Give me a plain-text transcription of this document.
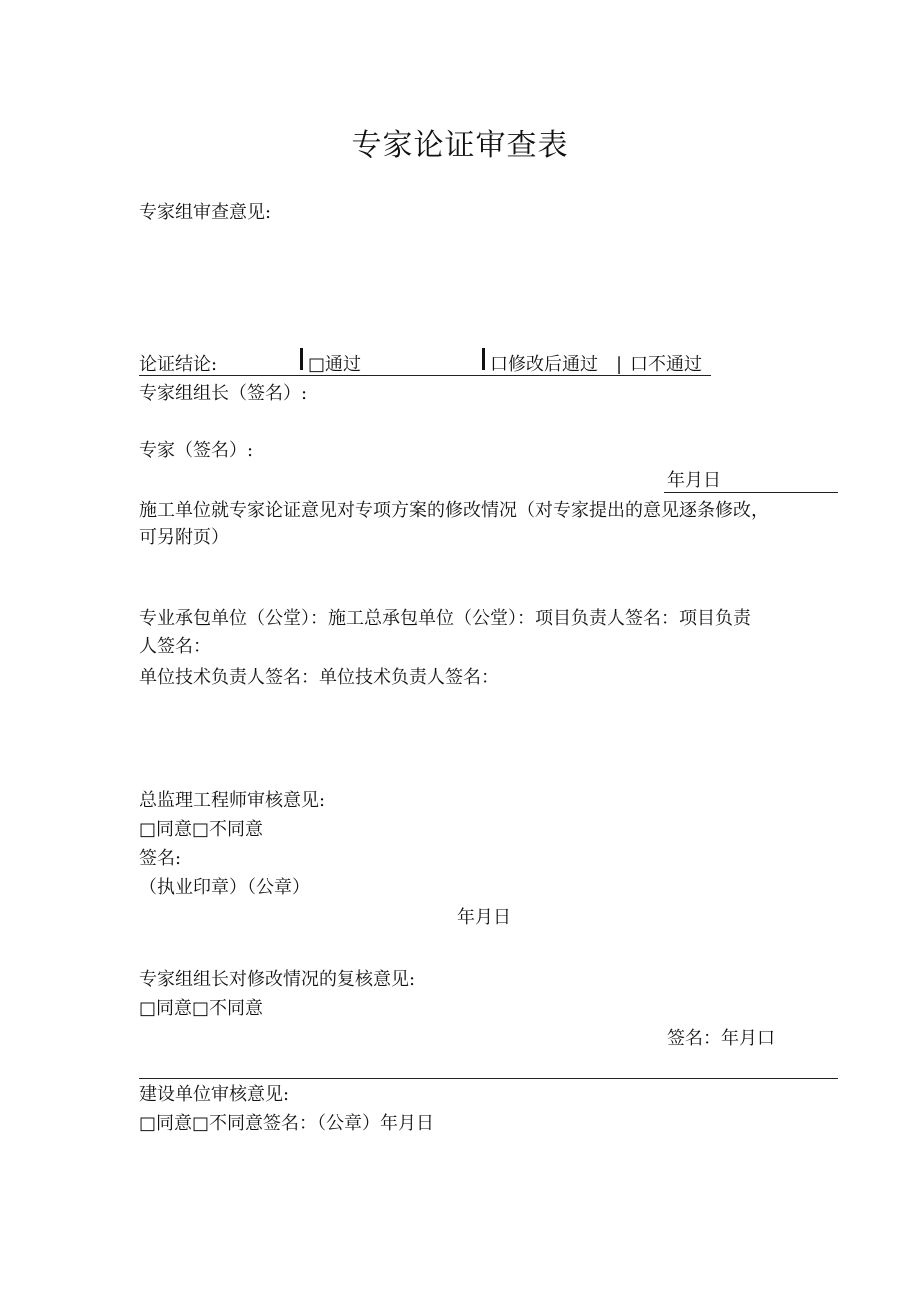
专家论证审查表
专家组审查意见:
论证结论:	□通过	口修改后通过 | 口不通过
专家组组长（签名）:
专家（签名）:
年月日
施工单位就专家论证意见对专项方案的修改情况（对专家提出的意见逐条修改，
可另附页）
专业承包单位（公堂）：施工总承包单位（公堂）：项目负责人签名：项目负责
人签名：
单位技术负责人签名：单位技术负责人签名：
总监理工程师审核意见:
□同意□不同意
签名:
（执业印章）（公章）
年月日
专家组组长对修改情况的复核意见:
□同意□不同意
签名：年月口
建设单位审核意见:
□同意□不同意签名：（公章）年月日
